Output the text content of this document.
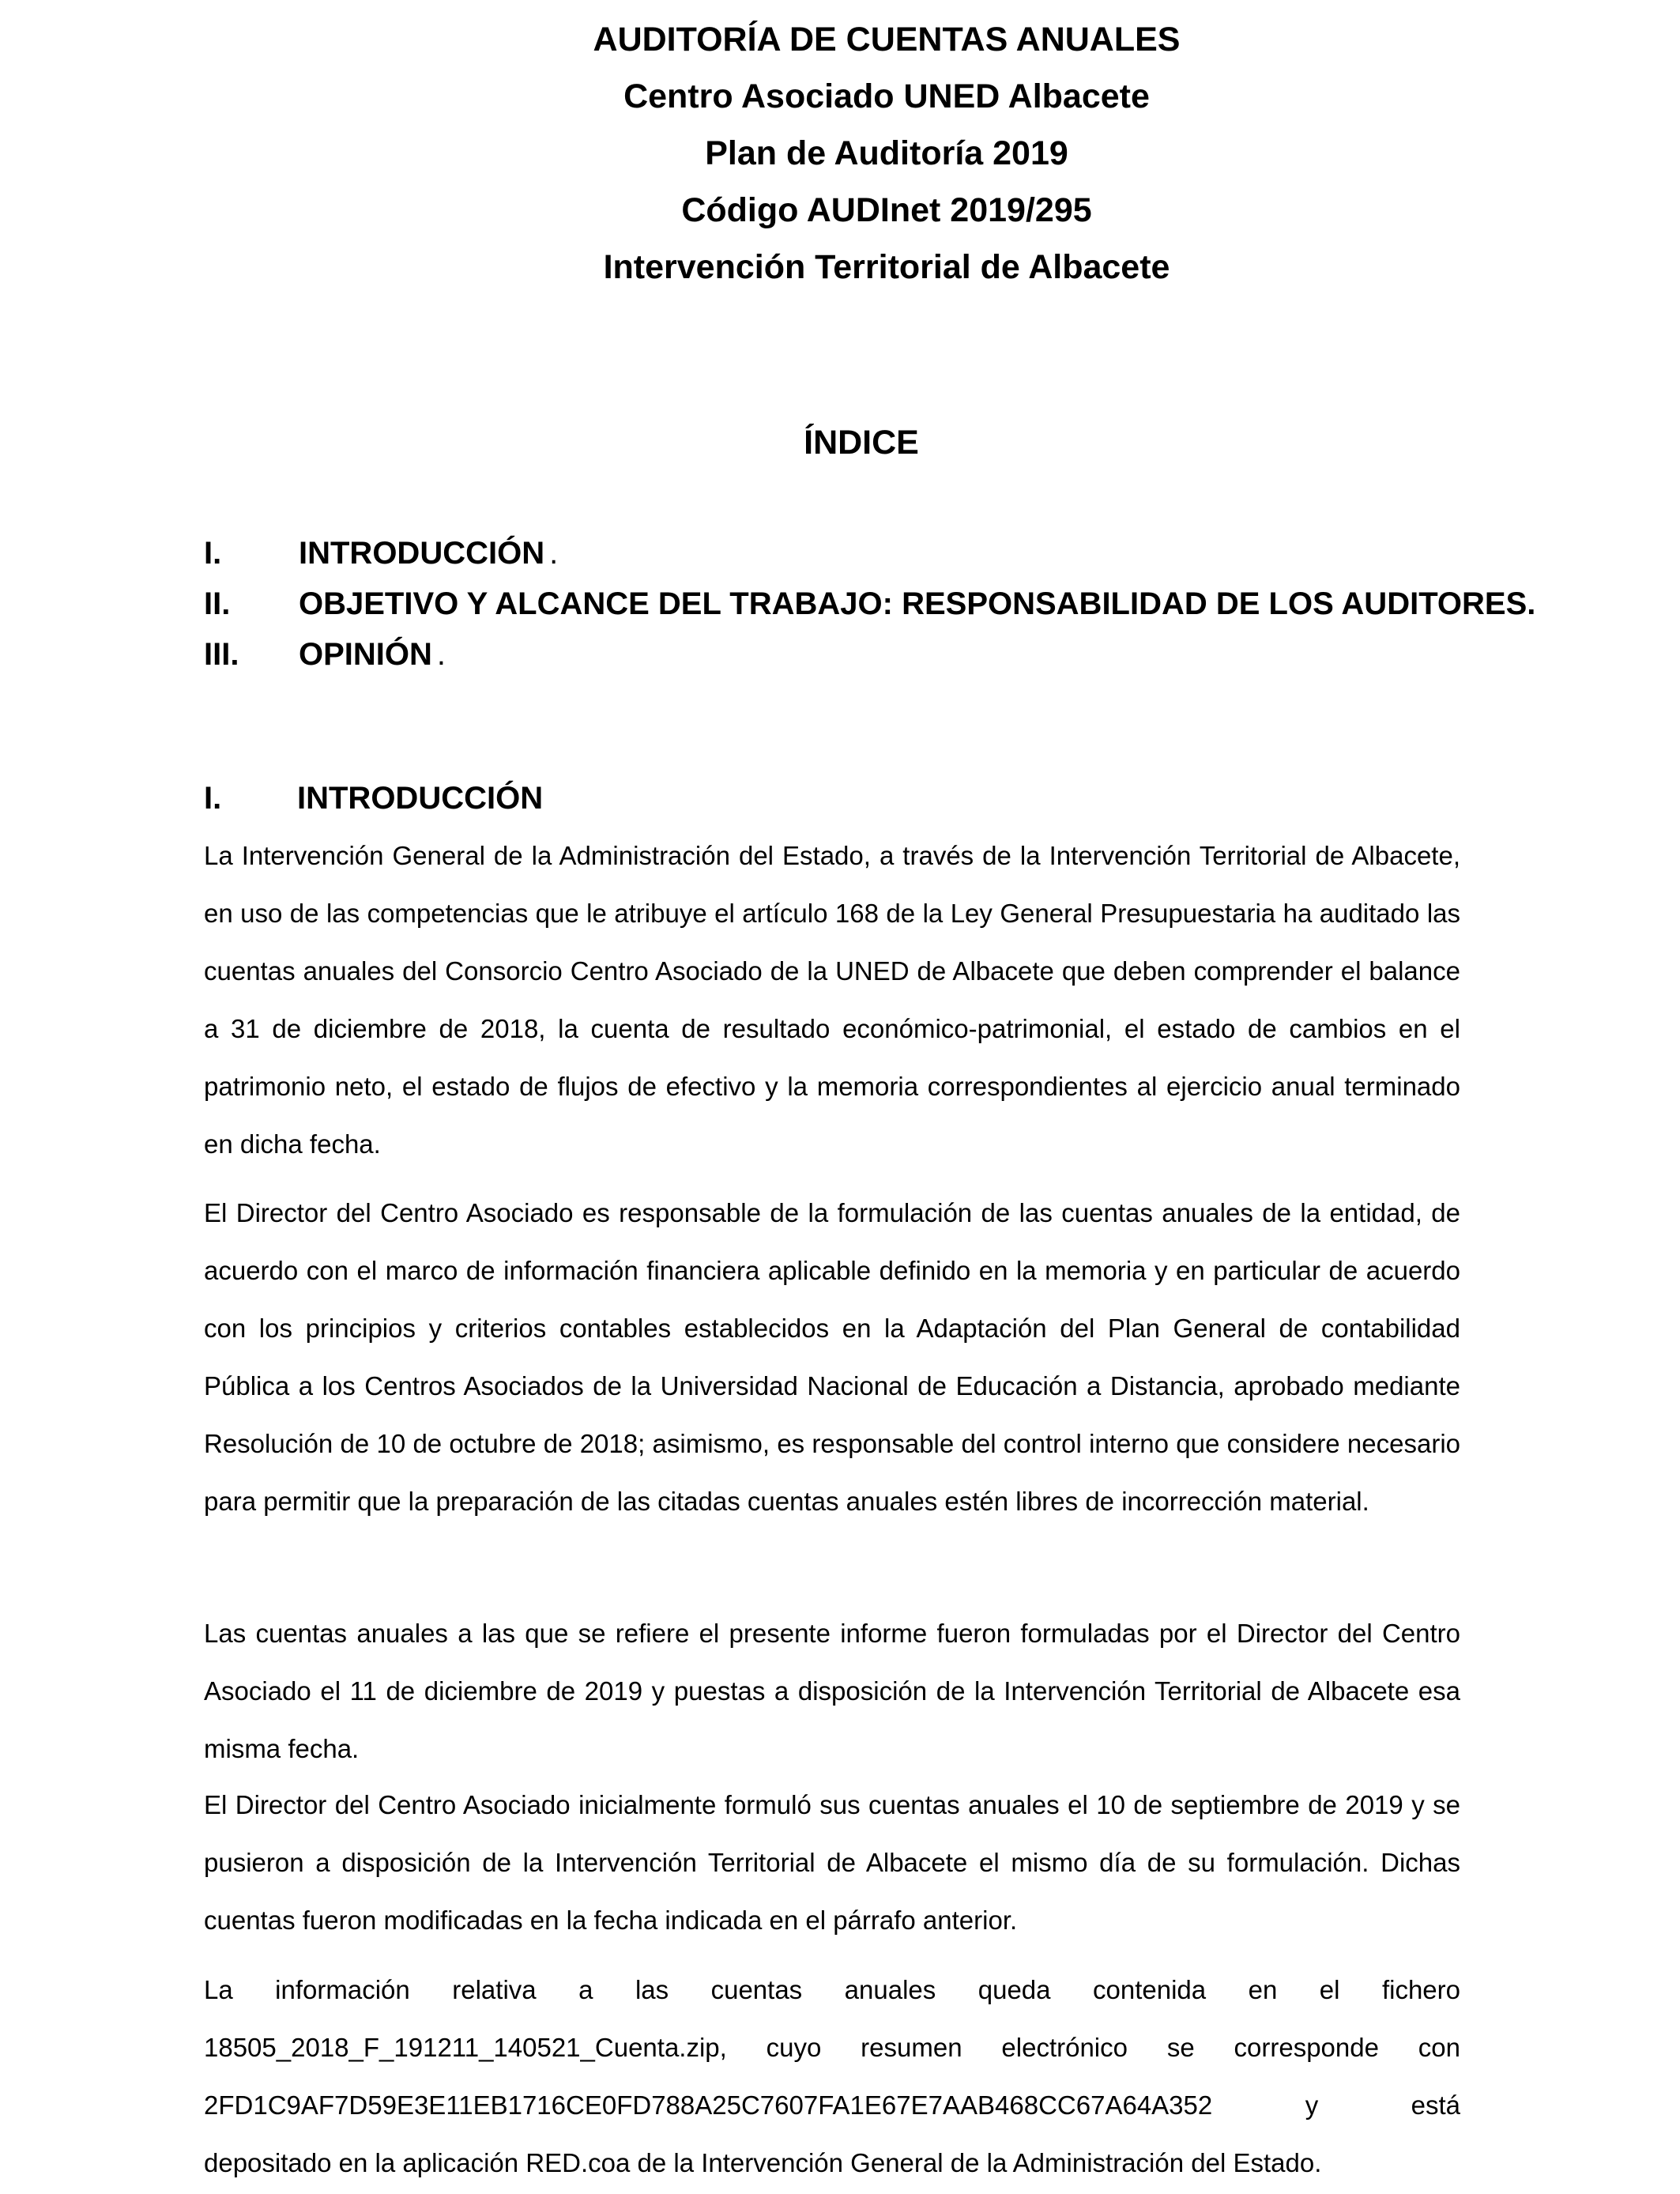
AUDITORÍA DE CUENTAS ANUALES
Centro Asociado UNED Albacete
Plan de Auditoría 2019
Código AUDInet 2019/295
Intervención Territorial de Albacete
ÍNDICE
I.	INTRODUCCIÓN .
II.	OBJETIVO Y ALCANCE DEL TRABAJO: RESPONSABILIDAD DE LOS AUDITORES .
III.	OPINIÓN .
I.	INTRODUCCIÓN

La Intervención General de la Administración del Estado, a través de la Intervención Territorial de Albacete, en uso de las competencias que le atribuye el artículo 168 de la Ley General Presupuestaria ha auditado las cuentas anuales del Consorcio Centro Asociado de la UNED de Albacete que deben comprender el balance a 31 de diciembre de 2018, la cuenta de resultado económico-patrimonial, el estado de cambios en el patrimonio neto, el estado de flujos de efectivo y la memoria correspondientes al ejercicio anual terminado en dicha fecha.

El Director del Centro Asociado es responsable de la formulación de las cuentas anuales de la entidad, de acuerdo con el marco de información financiera aplicable definido en la memoria y en particular de acuerdo con los principios y criterios contables establecidos en la Adaptación del Plan General de contabilidad Pública a los Centros Asociados de la Universidad Nacional de Educación a Distancia, aprobado mediante Resolución de 10 de octubre de 2018; asimismo, es responsable del control interno que considere necesario para permitir que la preparación de las citadas cuentas anuales estén libres de incorrección material.

Las cuentas anuales a las que se refiere el presente informe fueron formuladas por el Director del Centro Asociado el 11 de diciembre de 2019 y puestas a disposición de la Intervención Territorial de Albacete esa misma fecha.

El Director del Centro Asociado inicialmente formuló sus cuentas anuales el 10 de septiembre de 2019 y se pusieron a disposición de la Intervención Territorial de Albacete el mismo día de su formulación. Dichas cuentas fueron modificadas en la fecha indicada en el párrafo anterior.

La información relativa a las cuentas anuales queda contenida en el fichero
18505_2018_F_191211_140521_Cuenta.zip, cuyo resumen electrónico se corresponde con
2FD1C9AF7D59E3E11EB1716CE0FD788A25C7607FA1E67E7AAB468CC67A64A352	y	está
depositado en la aplicación RED.coa de la Intervención General de la Administración del Estado.
